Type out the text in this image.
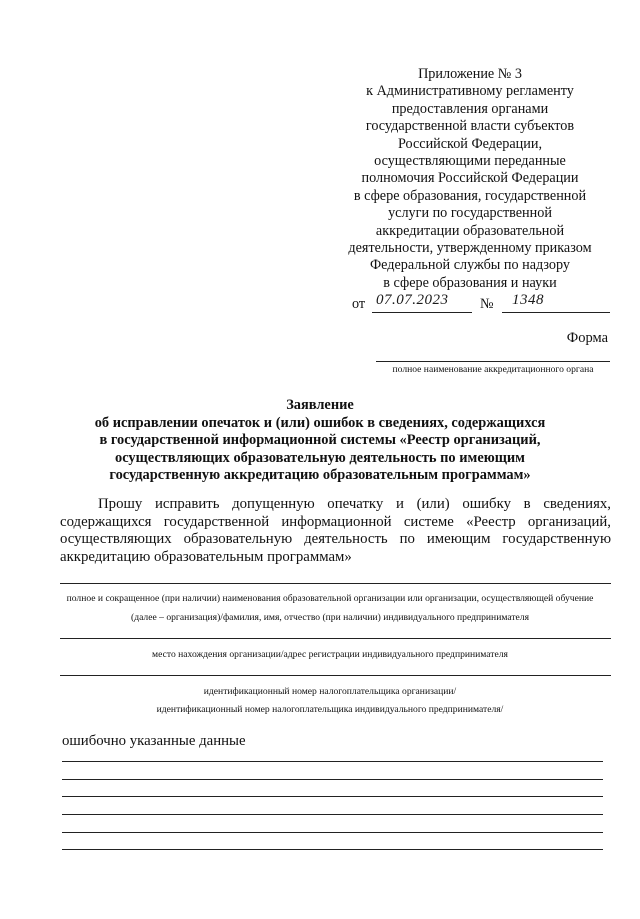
Приложение № 3
к Административному регламенту
предоставления органами
государственной власти субъектов
Российской Федерации,
осуществляющими переданные
полномочия Российской Федерации
в сфере образования, государственной
услуги по государственной
аккредитации образовательной
деятельности, утвержденному приказом
Федеральной службы по надзору
в сфере образования и науки
от 07.07.2023 № 1348
Форма
полное наименование аккредитационного органа
Заявление
об исправлении опечаток и (или) ошибок в сведениях, содержащихся
в государственной информационной системы «Реестр организаций,
осуществляющих образовательную деятельность по имеющим
государственную аккредитацию образовательным программам»
Прошу исправить допущенную опечатку и (или) ошибку в сведениях,
содержащихся государственной информационной системе «Реестр организаций,
осуществляющих образовательную деятельность по имеющим государственную
аккредитацию образовательным программам»
полное и сокращенное (при наличии) наименования образовательной организации или организации, осуществляющей обучение
(далее – организация)/фамилия, имя, отчество (при наличии) индивидуального предпринимателя
место нахождения организации/адрес регистрации индивидуального предпринимателя
идентификационный номер налогоплательщика организации/
идентификационный номер налогоплательщика индивидуального предпринимателя/
ошибочно указанные данные
